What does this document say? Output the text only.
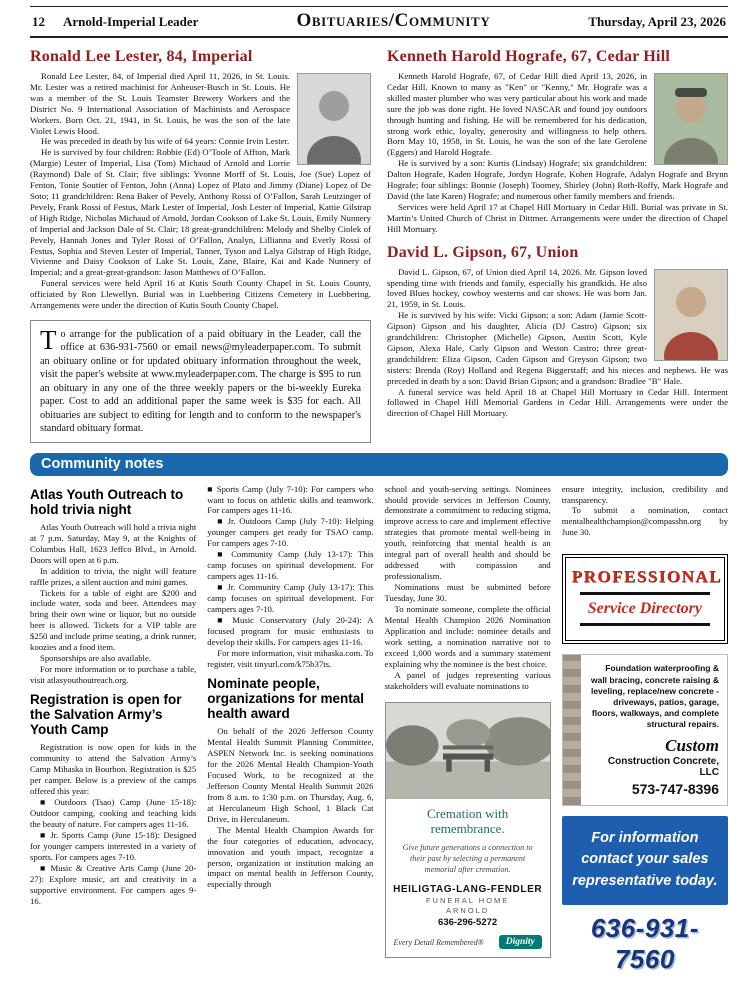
12 Arnold-Imperial Leader	Obituaries/Community	Thursday, April 23, 2026
Ronald Lee Lester, 84, Imperial

Ronald Lee Lester, 84, of Imperial died April 11, 2026, in St. Louis. Mr. Lester was a retired machinist for Anheuser-Busch in St. Louis. He was a member of the St. Louis Teamster Brewery Workers and the District No. 9 International Association of Machinists and Aerospace Workers. Born Oct. 21, 1941, in St. Louis, he was the son of the late Violet Lewis Hood.

He was preceded in death by his wife of 64 years: Connie Irvin Lester.

He is survived by four children: Robbie (Ed) O’Toole of Affton, Mark (Margie) Lester of Imperial, Lisa (Tom) Michaud of Arnold and Lorrie (Raymond) Dale of St. Clair; five siblings: Yvonne Morff of St. Louis, Joe (Sue) Lopez of Fenton, Tonie Soutier of Fenton, John (Anna) Lopez of Plato and Jimmy (Diane) Lopez of De Soto; 11 grandchildren: Rena Baker of Pevely, Anthony Rossi of O’Fallon, Sarah Leutzinger of Pevely, Frank Rossi of Festus, Mark Lester of Imperial, Josh Lester of Imperial, Kattie Gilstrap of High Ridge, Nicholas Michaud of Arnold, Jordan Cookson of Lake St. Louis, Emily Nunnery of Imperial and Jackson Dale of St. Clair; 18 great-grandchildren: Melody and Shelby Ciolek of Pevely, Hannah Jones and Tyler Rossi of O’Fallon, Analyn, Lillianna and Everly Rossi of Festus, Sophia and Steven Lester of Imperial, Tanner, Tyson and Lalya Gilstrap of High Ridge, Vivienne and Daisy Cookson of Lake St. Louis, Zane, Blaire, Kai and Kade Nunnery of Imperial; and a great-great-grandson: Jason Matthews of O’Fallon.

Funeral services were held April 16 at Kutis South County Chapel in St. Louis County, officiated by Ron Llewellyn. Burial was in Luebbering Citizens Cemetery in Luebbering. Arrangements were under the direction of Kutis South County Chapel.

To arrange for the publication of a paid obituary in the Leader, call the office at 636-931-7560 or email news@myleaderpaper.com. To submit an obituary online or for updated obituary information throughout the week, visit the paper's website at www.myleaderpaper.com. The charge is $95 to run an obituary in any one of the three weekly papers or the bi-weekly Eureka paper. Cost to add an additional paper the same week is $35 for each. All obituaries are subject to editing for length and to conform to the newspaper's standard obituary format.

Kenneth Harold Hografe, 67, Cedar Hill

Kenneth Harold Hografe, 67, of Cedar Hill died April 13, 2026, in Cedar Hill. Known to many as "Ken" or "Kenny," Mr. Hografe was a skilled master plumber who was very particular about his work and made sure the job was done right. He loved NASCAR and found joy outdoors through hunting and fishing. He will be remembered for his dedication, strong work ethic, loyalty, generosity and willingness to help others. Born May 10, 1958, in St. Louis, he was the son of the late Gerolene (Eggers) and Harold Hografe.

He is survived by a son: Kurtis (Lindsay) Hografe; six grandchildren: Dalton Hografe, Kaden Hografe, Jordyn Hografe, Kohen Hografe, Adalyn Hografe and Brynn Hografe; four siblings: Bonnie (Joseph) Toomey, Shirley (John) Roth-Roffy, Mark Hografe and David (the late Karen) Hografe; and numerous other family members and friends.

Services were held April 17 at Chapel Hill Mortuary in Cedar Hill. Burial was private in St. Martin’s United Church of Christ in Dittmer. Arrangements were under the direction of Chapel Hill Mortuary.

David L. Gipson, 67, Union

David L. Gipson, 67, of Union died April 14, 2026. Mr. Gipson loved spending time with friends and family, especially his grandkids. He also loved Blues hockey, cowboy westerns and car shows. He was born Jan. 21, 1959, in St. Louis.

He is survived by his wife: Vicki Gipson; a son: Adam (Jamie Scott-Gipson) Gipson and his daughter, Alicia (DJ Castro) Gipson; six grandchildren: Christopher (Michelle) Gipson, Austin Scott, Kyle Gipson, Alexa Hale, Carly Gipson and Weston Castro; three great-grandchildren: Eliza Gipson, Caden Gipson and Greyson Gipson; two sisters: Brenda (Roy) Holland and Regena Biggerstaff; and his nieces and nephews. He was preceded in death by a son: David Brian Gipson; and a grandson: Bradlee "B" Hale.

A funeral service was held April 18 at Chapel Hill Mortuary in Cedar Hill. Interment followed in Chapel Hill Memorial Gardens in Cedar Hill. Arrangements were under the direction of Chapel Hill Mortuary.

Community notes
Atlas Youth Outreach to hold trivia night

Atlas Youth Outreach will hold a trivia night at 7 p.m. Saturday, May 9, at the Knights of Columbus Hall, 1623 Jeffco Blvd., in Arnold. Doors will open at 6 p.m.

In addition to trivia, the night will feature raffle prizes, a silent auction and mini games.

Tickets for a table of eight are $200 and include water, soda and beer. Attendees may bring their own wine or liquor, but no outside beer is allowed. Tickets for a VIP table are $250 and include prime seating, a drink runner, koozies and a food item.

Sponsorships are also available.

For more information or to purchase a table, visit atlasyouthoutreach.org.

Registration is open for the Salvation Army’s Youth Camp

Registration is now open for kids in the community to attend the Salvation Army’s Camp Mihaska in Bourbon. Registration is $25 per camper. Below is a preview of the camps offered this year:

■ Outdoors (Tsao) Camp (June 15-18): Outdoor camping, cooking and teaching kids the beauty of nature. For campers ages 11-16.

■ Jr. Sports Camp (June 15-18): Designed for younger campers interested in a variety of sports. For campers ages 7-10.

■ Music & Creative Arts Camp (June 20-27): Explore music, art and creativity in a supportive environment. For campers ages 9-16.

■ Sports Camp (July 7-10): For campers who want to focus on athletic skills and teamwork. For campers ages 11-16.

■ Jr. Outdoors Camp (July 7-10): Helping younger campers get ready for TSAO camp. For campers ages 7-10.

■ Community Camp (July 13-17): This camp focuses on spiritual development. For campers ages 11-16.

■ Jr. Community Camp (July 13-17): This camp focuses on spiritual development. For campers ages 7-10.

■ Music Conservatory (July 20-24): A focused program for music enthusiasts to develop their skills. For campers ages 11-16.

For more information, visit mihaska.com. To register, visit tinyurl.com/k75b37ts.

Nominate people, organizations for mental health award

On behalf of the 2026 Jefferson County Mental Health Summit Planning Committee, ASPEN Network Inc. is seeking nominations for the 2026 Mental Health Champion-Youth Focused Work, to be recognized at the Jefferson County Mental Health Summit 2026 from 8 a.m. to 1:30 p.m. on Thursday, Aug. 6, at Herculaneum High School, 1 Black Cat Drive, in Herculaneum.

The Mental Health Champion Awards for the four categories of education, advocacy, innovation and youth impact, recognize a person, organization or institution making an impact on mental health in Jefferson County, especially through

school and youth-serving settings. Nominees should provide services in Jefferson County, demonstrate a commitment to reducing stigma, improve access to care and implement effective strategies that promote mental well-being in youth, reinforcing that mental health is an integral part of overall health and should be addressed with compassion and professionalism.

Nominations must be submitted before Tuesday, June 30.

To nominate someone, complete the official Mental Health Champion 2026 Nomination Application and include: nominee details and work setting, a nomination narrative not to exceed 1,000 words and a summary statement explaining why the nominee is the best choice.

A panel of judges representing various stakeholders will evaluate nominations to

Cremation with remembrance.
Give future generations a connection to their past by selecting a permanent memorial after cremation.
HEILIGTAG-LANG-FENDLER
FUNERAL HOME
ARNOLD
636-296-5272
Every Detail Remembered®	Dignity

ensure integrity, inclusion, credibility and transparency.

To submit a nomination, contact mentalhealthchampion@compasshn.org by June 30.

PROFESSIONAL
Service Directory
Foundation waterproofing & wall bracing, concrete raising & leveling, replace/new concrete - driveways, patios, garage, floors, walkways, and complete structural repairs.
Custom
Construction Concrete, LLC
573-747-8396
For information
contact your sales
representative today.
636-931-7560
